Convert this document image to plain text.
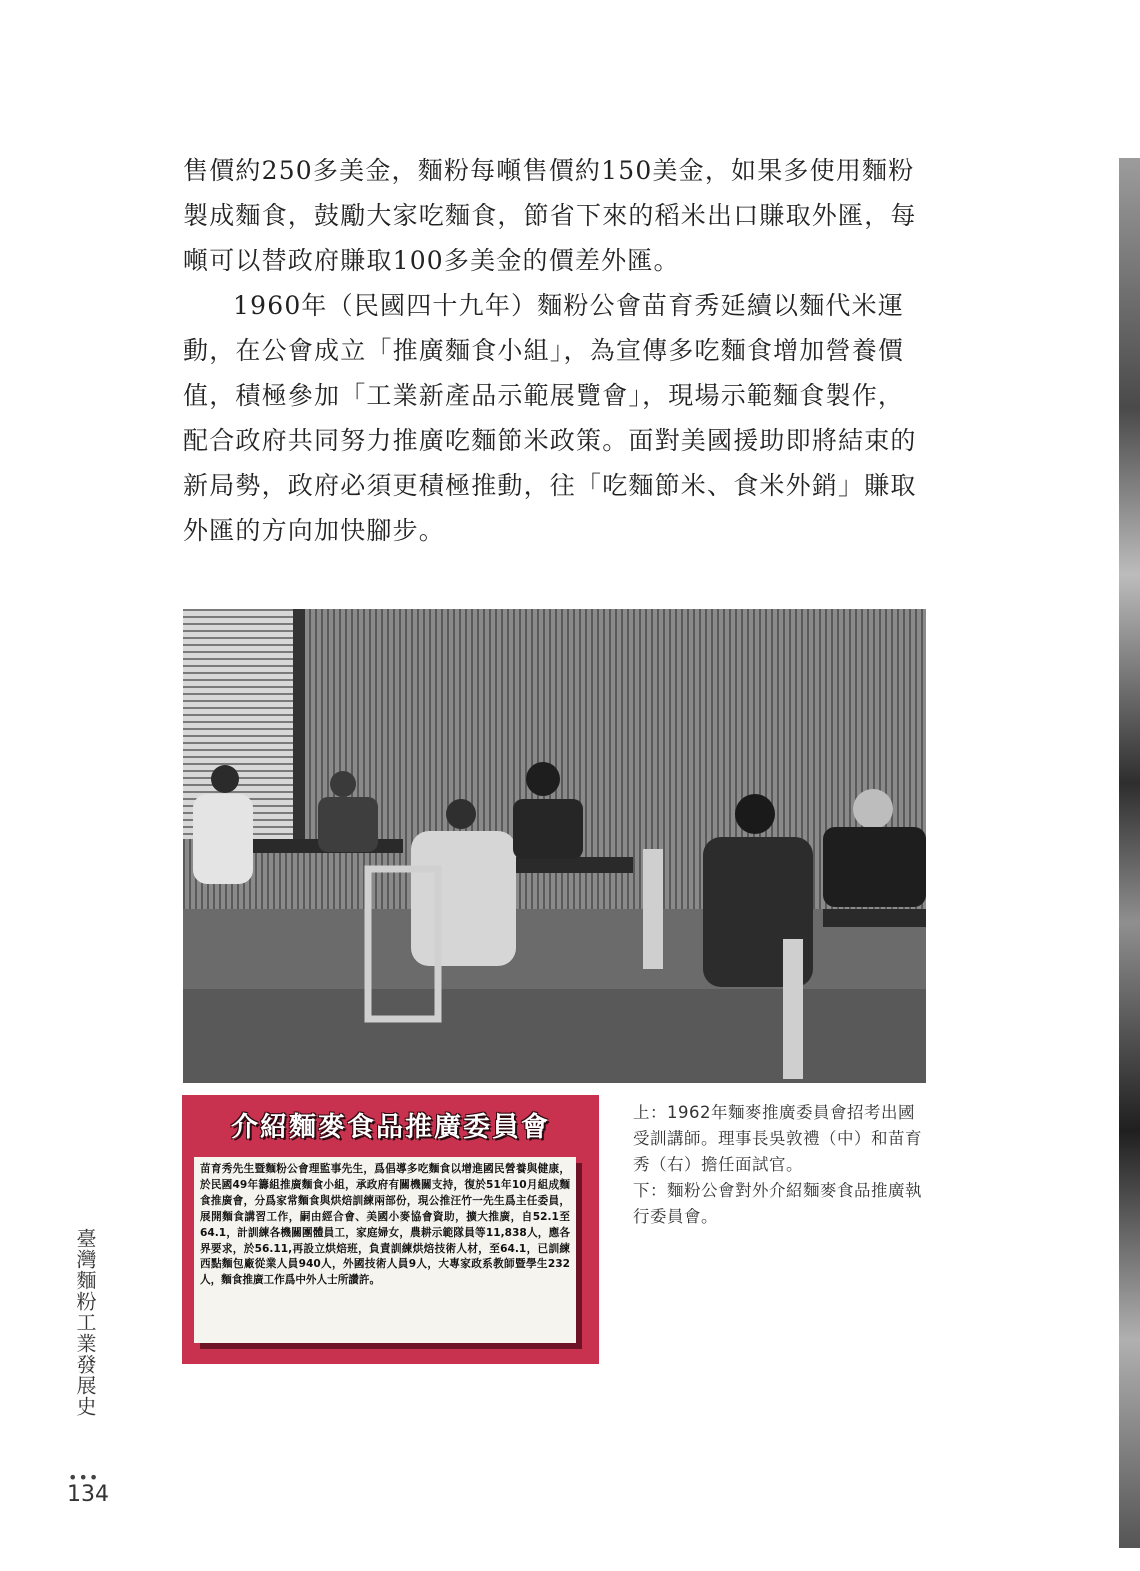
售價約250多美金，麵粉每噸售價約150美金，如果多使用麵粉製成麵食，鼓勵大家吃麵食，節省下來的稻米出口賺取外匯，每噸可以替政府賺取100多美金的價差外匯。

1960年（民國四十九年）麵粉公會苗育秀延續以麵代米運動，在公會成立「推廣麵食小組」，為宣傳多吃麵食增加營養價值，積極參加「工業新產品示範展覽會」，現場示範麵食製作，配合政府共同努力推廣吃麵節米政策。面對美國援助即將結束的新局勢，政府必須更積極推動，往「吃麵節米、食米外銷」賺取外匯的方向加快腳步。

介紹麵麥食品推廣委員會
苗育秀先生暨麵粉公會理監事先生，爲倡導多吃麵食以增進國民營養與健康，於民國49年籌組推廣麵食小組，承政府有關機關支持，復於51年10月組成麵食推廣會，分爲家常麵食與烘焙訓練兩部份，現公推汪竹一先生爲主任委員，展開麵食講習工作，嗣由經合會、美國小麥協會資助，擴大推廣，自52.1至64.1，計訓練各機關團體員工，家庭婦女，農耕示範隊員等11,838人，應各界要求，於56.11,再設立烘焙班，負責訓練烘焙技術人材，至64.1，已訓練西點麵包廠從業人員940人，外國技術人員9人，大專家政系教師暨學生232人，麵食推廣工作爲中外人士所讚許。

上：1962年麵麥推廣委員會招考出國受訓講師。理事長吳敦禮（中）和苗育秀（右）擔任面試官。

下：麵粉公會對外介紹麵麥食品推廣執行委員會。

臺灣麵粉工業發展史
•••
134
